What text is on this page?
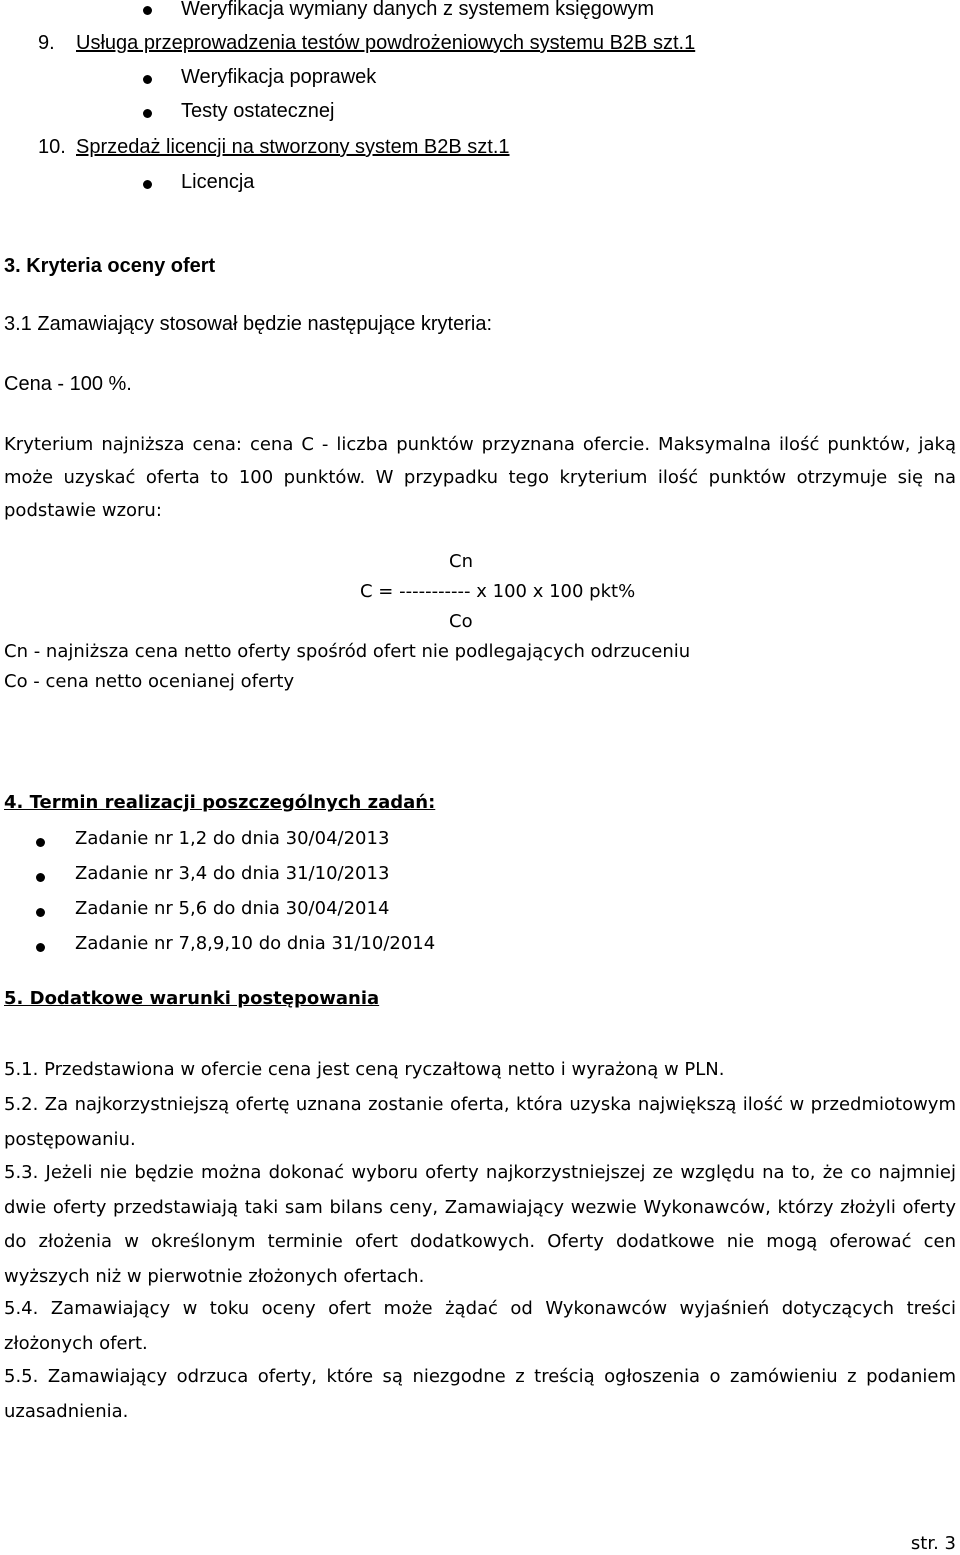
Weryfikacja wymiany danych z systemem księgowym
9. Usługa przeprowadzenia testów powdrożeniowych systemu B2B szt.1
Weryfikacja poprawek
Testy ostatecznej
10. Sprzedaż licencji na stworzony system B2B szt.1
Licencja
3. Kryteria oceny ofert
3.1 Zamawiający stosował będzie następujące kryteria:
Cena - 100 %.

Kryterium najniższa cena: cena C - liczba punktów przyznana ofercie. Maksymalna ilość punktów, jaką może uzyskać oferta to 100 punktów. W przypadku tego kryterium ilość punktów otrzymuje się na podstawie wzoru:

Cn
C = ----------- x 100 x 100 pkt%
Co
Cn - najniższa cena netto oferty spośród ofert nie podlegających odrzuceniu
Co - cena netto ocenianej oferty
4. Termin realizacji poszczególnych zadań:
Zadanie nr 1,2 do dnia 30/04/2013
Zadanie nr 3,4 do dnia 31/10/2013
Zadanie nr 5,6 do dnia 30/04/2014
Zadanie nr 7,8,9,10 do dnia 31/10/2014
5. Dodatkowe warunki postępowania

5.1. Przedstawiona w ofercie cena jest ceną ryczałtową netto i wyrażoną w PLN.

5.2. Za najkorzystniejszą ofertę uznana zostanie oferta, która uzyska największą ilość w przedmiotowym postępowaniu.

5.3. Jeżeli nie będzie można dokonać wyboru oferty najkorzystniejszej ze względu na to, że co najmniej dwie oferty przedstawiają taki sam bilans ceny, Zamawiający wezwie Wykonawców, którzy złożyli oferty do złożenia w określonym terminie ofert dodatkowych. Oferty dodatkowe nie mogą oferować cen wyższych niż w pierwotnie złożonych ofertach.

5.4. Zamawiający w toku oceny ofert może żądać od Wykonawców wyjaśnień dotyczących treści złożonych ofert.

5.5. Zamawiający odrzuca oferty, które są niezgodne z treścią ogłoszenia o zamówieniu z podaniem uzasadnienia.

str. 3
